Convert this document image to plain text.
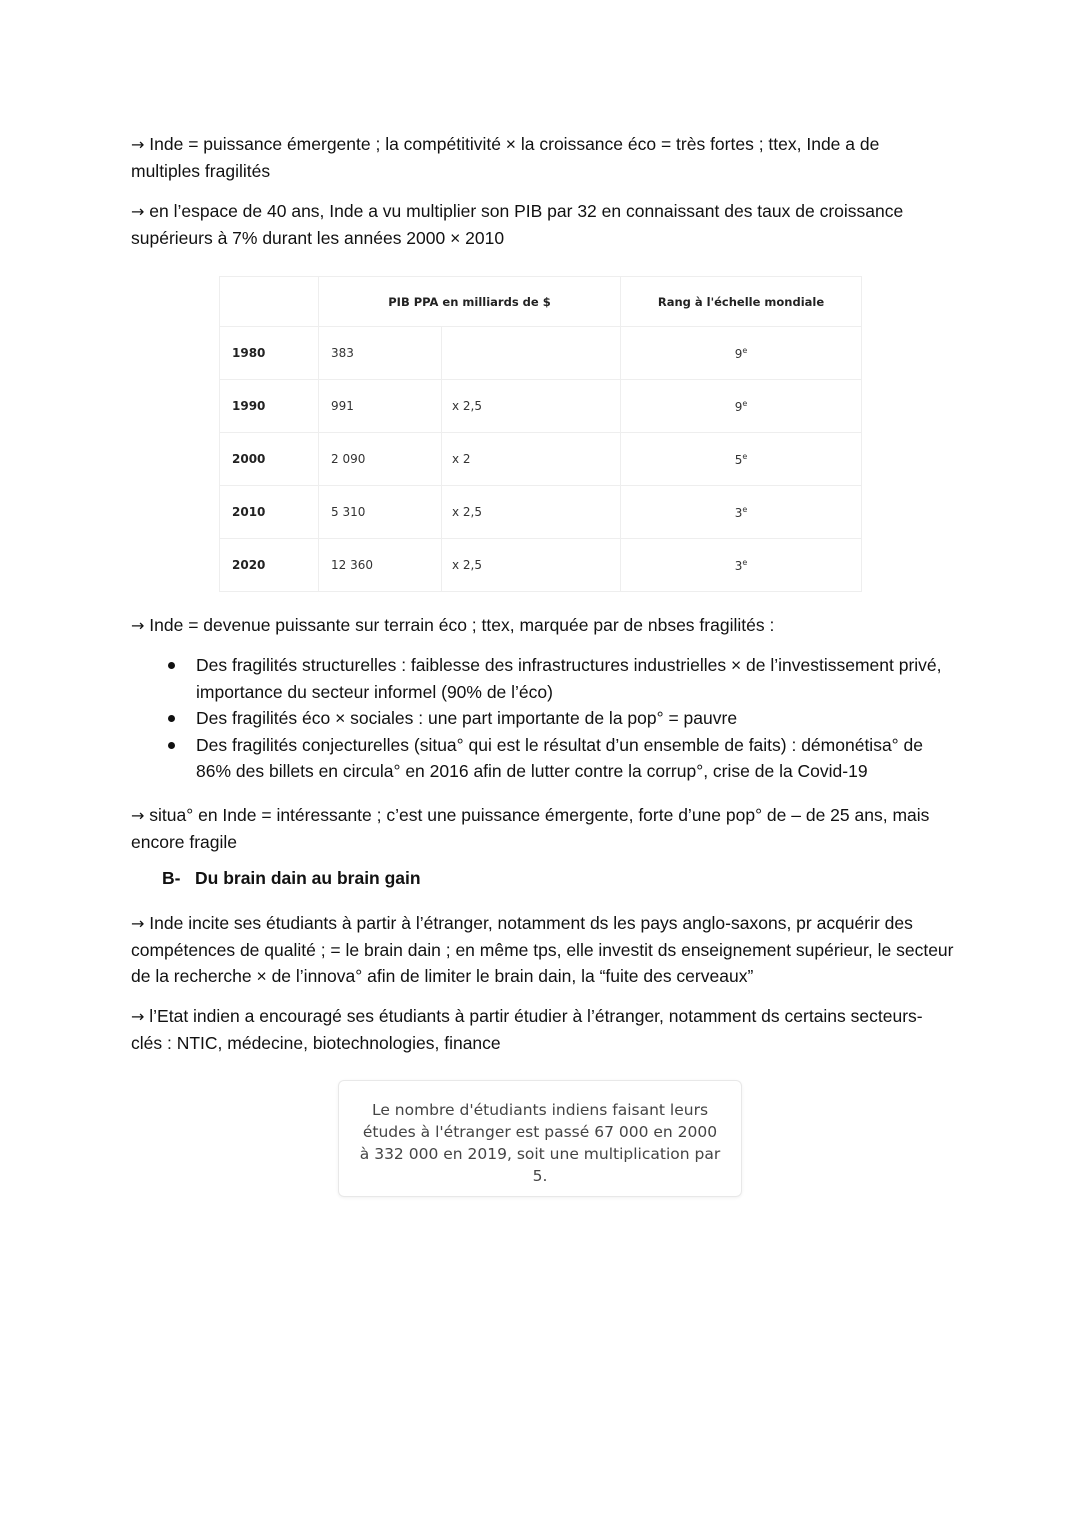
→ Inde = puissance émergente ; la compétitivité × la croissance éco = très fortes ; ttex, Inde a de multiples fragilités

→ en l’espace de 40 ans, Inde a vu multiplier son PIB par 32 en connaissant des taux de croissance supérieurs à 7% durant les années 2000 × 2010

	PIB PPA en milliards de $		Rang à l'échelle mondiale
1980	383		9e
1990	991	x 2,5	9e
2000	2 090	x 2	5e
2010	5 310	x 2,5	3e
2020	12 360	x 2,5	3e

→ Inde = devenue puissante sur terrain éco ; ttex, marquée par de nbses fragilités :

Des fragilités structurelles : faiblesse des infrastructures industrielles × de l’investissement privé, importance du secteur informel (90% de l’éco)
Des fragilités éco × sociales : une part importante de la pop° = pauvre
Des fragilités conjecturelles (situa° qui est le résultat d’un ensemble de faits) : démonétisa° de 86% des billets en circula° en 2016 afin de lutter contre la corrup°, crise de la Covid-19

→ situa° en Inde = intéressante ; c’est une puissance émergente, forte d’une pop° de – de 25 ans, mais encore fragile

B- Du brain dain au brain gain

→ Inde incite ses étudiants à partir à l’étranger, notamment ds les pays anglo-saxons, pr acquérir des compétences de qualité ; = le brain dain ; en même tps, elle investit ds enseignement supérieur, le secteur de la recherche × de l’innova° afin de limiter le brain dain, la “fuite des cerveaux”

→ l’Etat indien a encouragé ses étudiants à partir étudier à l’étranger, notamment ds certains secteurs-clés : NTIC, médecine, biotechnologies, finance

Le nombre d'étudiants indiens faisant leurs études à l'étranger est passé 67 000 en 2000 à 332 000 en 2019, soit une multiplication par 5.
